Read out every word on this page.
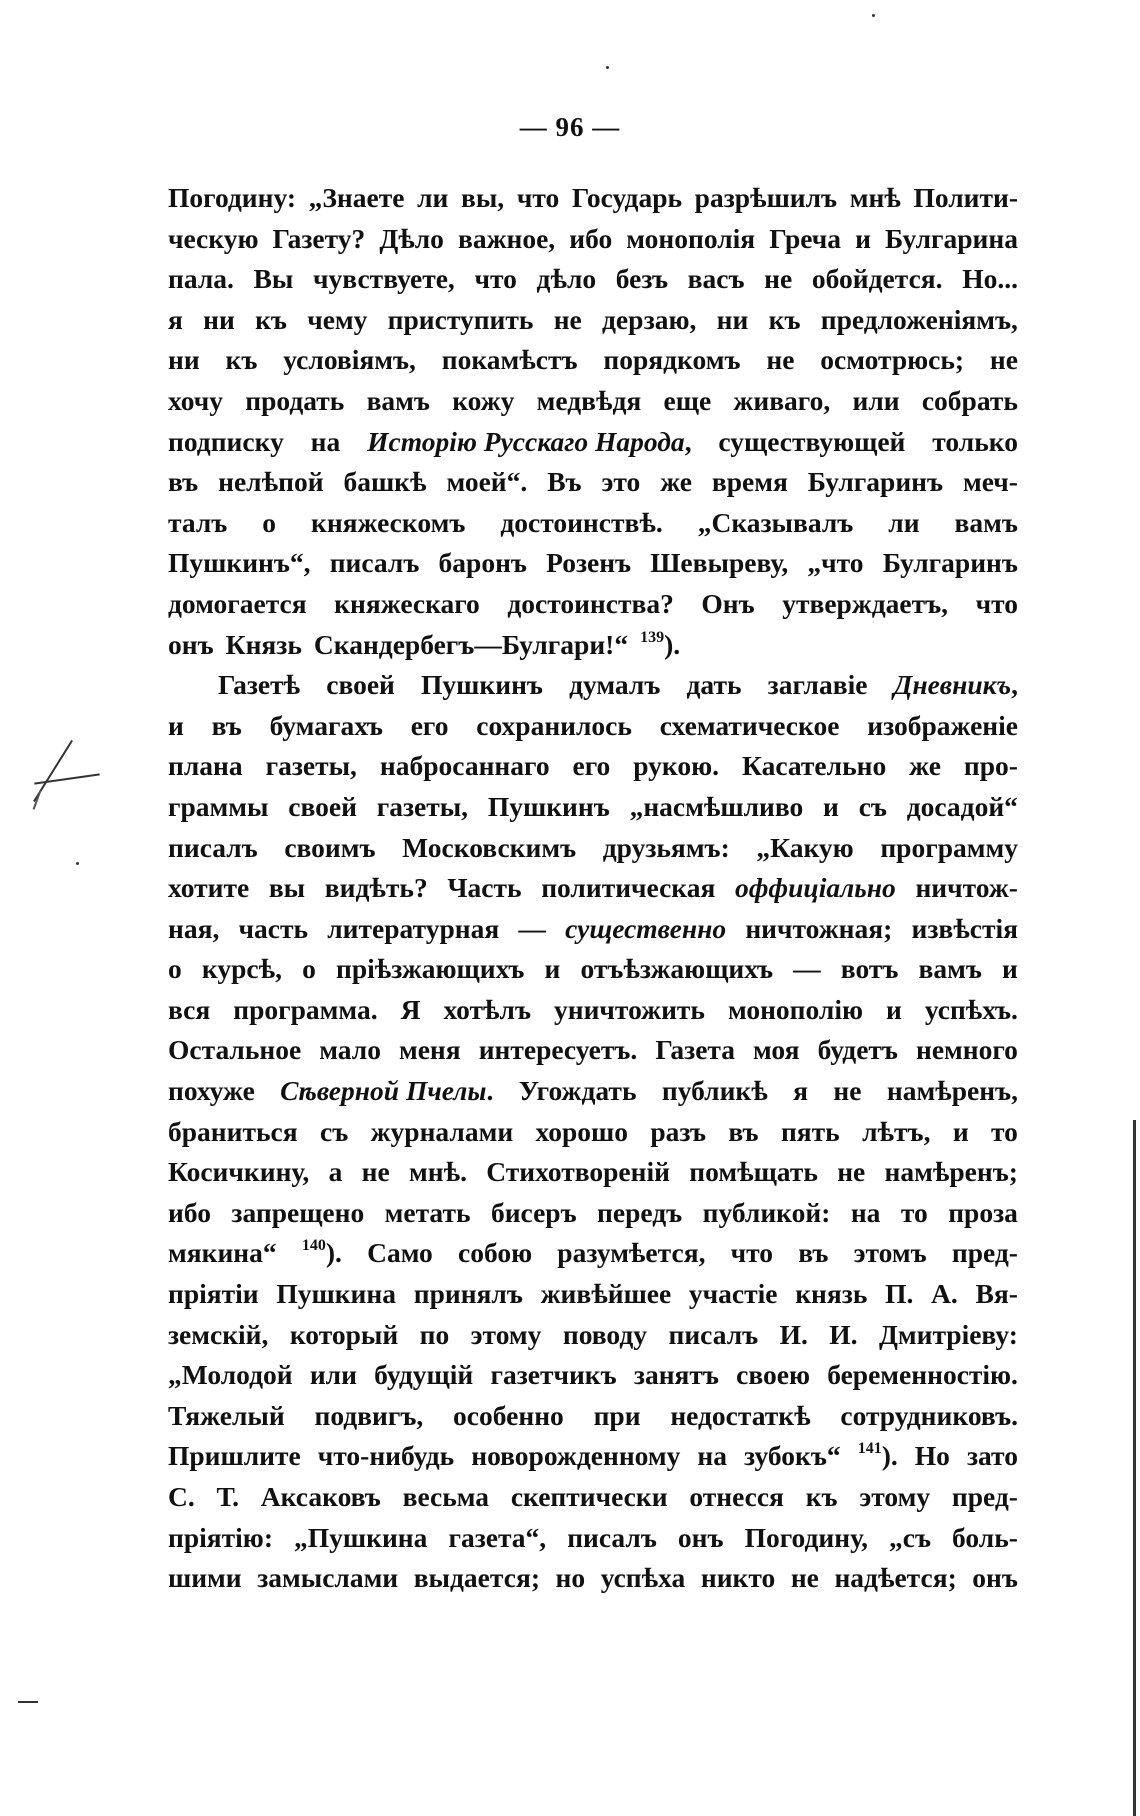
— 96 —
Погодину: „Знаете ли вы, что Государь разрѣшилъ мнѣ Полити-
ческую Газету? Дѣло важное, ибо монополія Греча и Булгарина
пала. Вы чувствуете, что дѣло безъ васъ не обойдется. Но...
я ни къ чему приступить не дерзаю, ни къ предложеніямъ,
ни къ условіямъ, покамѣстъ порядкомъ не осмотрюсь; не
хочу продать вамъ кожу медвѣдя еще живаго, или собрать
подписку на Исторію Русскаго Народа, существующей только
въ нелѣпой башкѣ моей“. Въ это же время Булгаринъ меч-
талъ о княжескомъ достоинствѣ. „Сказывалъ ли вамъ
Пушкинъ“, писалъ баронъ Розенъ Шевыреву, „что Булгаринъ
домогается княжескаго достоинства? Онъ утверждаетъ, что
онъ Князь Скандербегъ—Булгари!“ $^{139}$).
Газетѣ своей Пушкинъ думалъ дать заглавіе Дневникъ,
и въ бумагахъ его сохранилось схематическое изображеніе
плана газеты, набросаннаго его рукою. Касательно же про-
граммы своей газеты, Пушкинъ „насмѣшливо и съ досадой“
писалъ своимъ Московскимъ друзьямъ: „Какую программу
хотите вы видѣть? Часть политическая оффиціально ничтож-
ная, часть литературная — существенно ничтожная; извѣстія
о курсѣ, о пріѣзжающихъ и отъѣзжающихъ — вотъ вамъ и
вся программа. Я хотѣлъ уничтожить монополію и успѣхъ.
Остальное мало меня интересуетъ. Газета моя будетъ немного
похуже Сѣверной Пчелы. Угождать публикѣ я не намѣренъ,
браниться съ журналами хорошо разъ въ пять лѣтъ, и то
Косичкину, а не мнѣ. Стихотвореній помѣщать не намѣренъ;
ибо запрещено метать бисеръ передъ публикой: на то проза
мякина“ $^{140}$). Само собою разумѣется, что въ этомъ пред-
пріятіи Пушкина принялъ живѣйшее участіе князь П. А. Вя-
земскій, который по этому поводу писалъ И. И. Дмитріеву:
„Молодой или будущій газетчикъ занятъ своею беременностію.
Тяжелый подвигъ, особенно при недостаткѣ сотрудниковъ.
Пришлите что-нибудь новорожденному на зубокъ“ $^{141}$). Но зато
С. Т. Аксаковъ весьма скептически отнесся къ этому пред-
пріятію: „Пушкина газета“, писалъ онъ Погодину, „съ боль-
шими замыслами выдается; но успѣха никто не надѣется; онъ
